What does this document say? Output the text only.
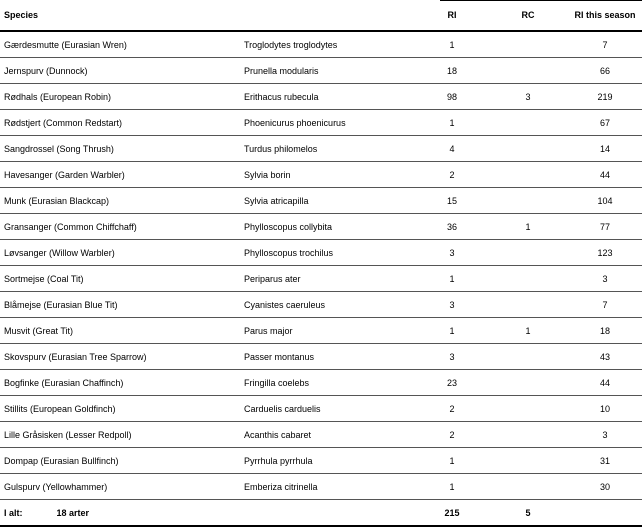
Species		RI	RC	RI this season
Gærdesmutte (Eurasian Wren)	Troglodytes troglodytes	1		7
Jernspurv (Dunnock)	Prunella modularis	18		66
Rødhals (European Robin)	Erithacus rubecula	98	3	219
Rødstjert (Common Redstart)	Phoenicurus phoenicurus	1		67
Sangdrossel (Song Thrush)	Turdus philomelos	4		14
Havesanger (Garden Warbler)	Sylvia borin	2		44
Munk (Eurasian Blackcap)	Sylvia atricapilla	15		104
Gransanger (Common Chiffchaff)	Phylloscopus collybita	36	1	77
Løvsanger (Willow Warbler)	Phylloscopus trochilus	3		123
Sortmejse (Coal Tit)	Periparus ater	1		3
Blåmejse (Eurasian Blue Tit)	Cyanistes caeruleus	3		7
Musvit (Great Tit)	Parus major	1	1	18
Skovspurv (Eurasian Tree Sparrow)	Passer montanus	3		43
Bogfinke (Eurasian Chaffinch)	Fringilla coelebs	23		44
Stillits (European Goldfinch)	Carduelis carduelis	2		10
Lille Gråsisken (Lesser Redpoll)	Acanthis cabaret	2		3
Dompap (Eurasian Bullfinch)	Pyrrhula pyrrhula	1		31
Gulspurv (Yellowhammer)	Emberiza citrinella	1		30
I alt: 18 arter		215	5	
